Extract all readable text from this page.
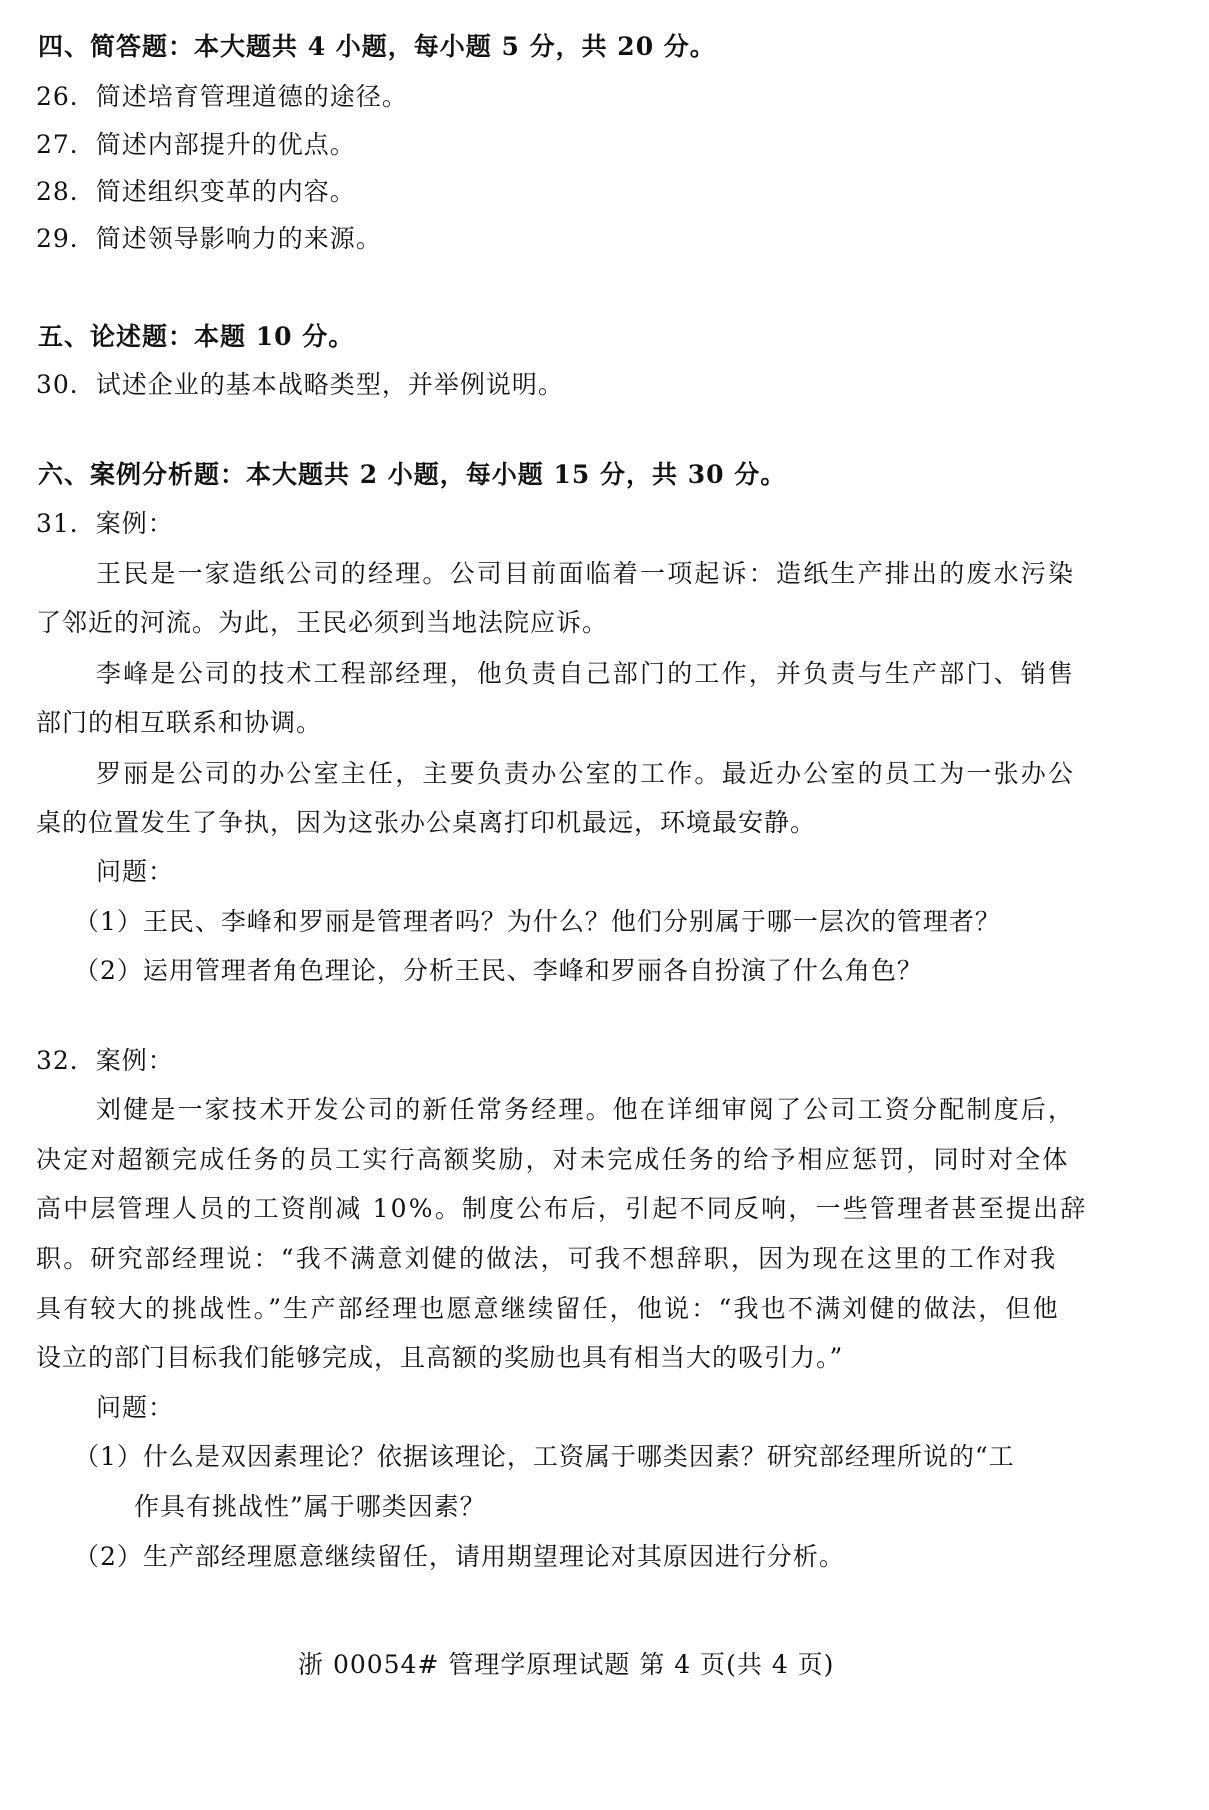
四、简答题：本大题共 4 小题，每小题 5 分，共 20 分。
26．简述培育管理道德的途径。
27．简述内部提升的优点。
28．简述组织变革的内容。
29．简述领导影响力的来源。
五、论述题：本题 10 分。
30．试述企业的基本战略类型，并举例说明。
六、案例分析题：本大题共 2 小题，每小题 15 分，共 30 分。
31．案例：
王民是一家造纸公司的经理。公司目前面临着一项起诉：造纸生产排出的废水污染
了邻近的河流。为此，王民必须到当地法院应诉。
李峰是公司的技术工程部经理，他负责自己部门的工作，并负责与生产部门、销售
部门的相互联系和协调。
罗丽是公司的办公室主任，主要负责办公室的工作。最近办公室的员工为一张办公
桌的位置发生了争执，因为这张办公桌离打印机最远，环境最安静。
问题：
（1）王民、李峰和罗丽是管理者吗？为什么？他们分别属于哪一层次的管理者？
（2）运用管理者角色理论，分析王民、李峰和罗丽各自扮演了什么角色？
32．案例：
刘健是一家技术开发公司的新任常务经理。他在详细审阅了公司工资分配制度后，
决定对超额完成任务的员工实行高额奖励，对未完成任务的给予相应惩罚，同时对全体
高中层管理人员的工资削减 10%。制度公布后，引起不同反响，一些管理者甚至提出辞
职。研究部经理说：“我不满意刘健的做法，可我不想辞职，因为现在这里的工作对我
具有较大的挑战性。”生产部经理也愿意继续留任，他说：“我也不满刘健的做法，但他
设立的部门目标我们能够完成，且高额的奖励也具有相当大的吸引力。”
问题：
（1）什么是双因素理论？依据该理论，工资属于哪类因素？研究部经理所说的“工
作具有挑战性”属于哪类因素？
（2）生产部经理愿意继续留任，请用期望理论对其原因进行分析。
浙 00054# 管理学原理试题 第 4 页(共 4 页)
